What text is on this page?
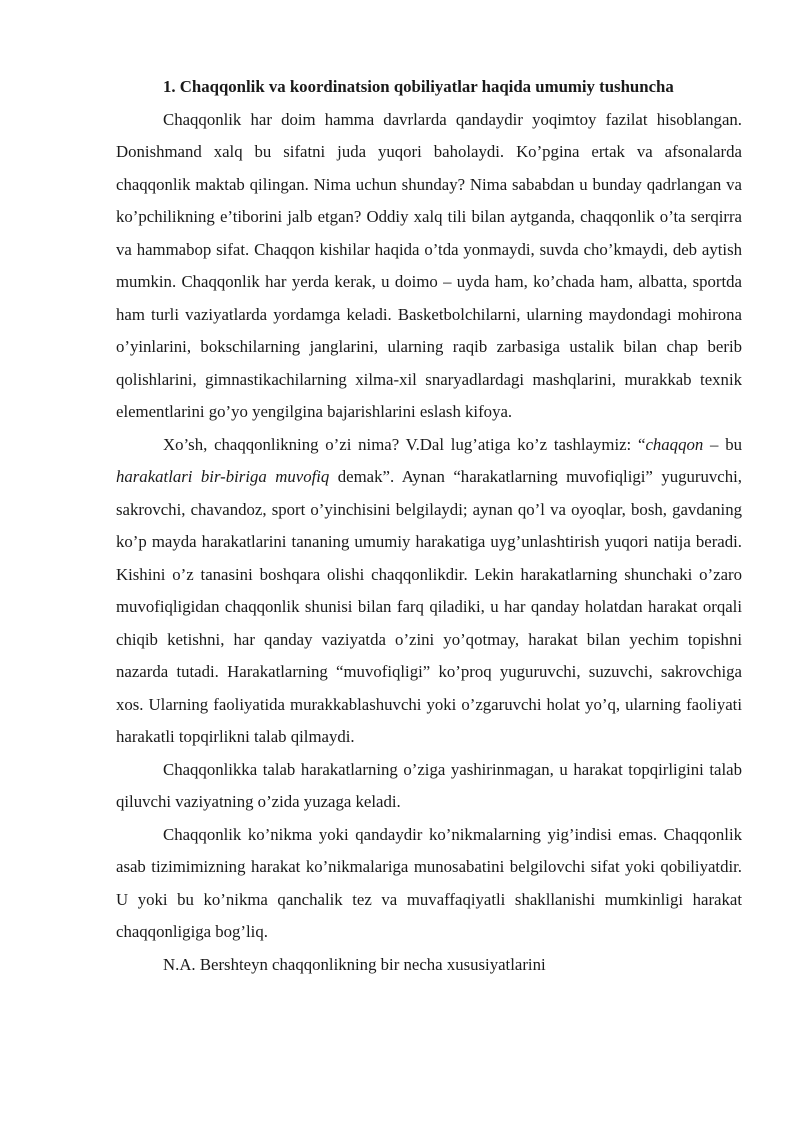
1. Chaqqonlik va koordinatsion qobiliyatlar haqida umumiy tushuncha

Chaqqonlik har doim hamma davrlarda qandaydir yoqimtoy fazilat hisoblangan. Donishmand xalq bu sifatni juda yuqori baholaydi. Ko’pgina ertak va afsonalarda chaqqonlik maktab qilingan. Nima uchun shunday? Nima sababdan u bunday qadrlangan va ko’pchilikning e’tiborini jalb etgan? Oddiy xalq tili bilan aytganda, chaqqonlik o’ta serqirra va hammabop sifat. Chaqqon kishilar haqida o’tda yonmaydi, suvda cho’kmaydi, deb aytish mumkin. Chaqqonlik har yerda kerak, u doimo – uyda ham, ko’chada ham, albatta, sportda ham turli vaziyatlarda yordamga keladi. Basketbolchilarni, ularning maydondagi mohirona o’yinlarini, bokschilarning janglarini, ularning raqib zarbasiga ustalik bilan chap berib qolishlarini, gimnastikachilarning xilma-xil snaryadlardagi mashqlarini, murakkab texnik elementlarini go’yo yengilgina bajarishlarini eslash kifoya.

Xo’sh, chaqqonlikning o’zi nima? V.Dal lug’atiga ko’z tashlaymiz: “chaqqon – bu harakatlari bir-biriga muvofiq demak”. Aynan “harakatlarning muvofiqligi” yuguruvchi, sakrovchi, chavandoz, sport o’yinchisini belgilaydi; aynan qo’l va oyoqlar, bosh, gavdaning ko’p mayda harakatlarini tananing umumiy harakatiga uyg’unlashtirish yuqori natija beradi. Kishini o’z tanasini boshqara olishi chaqqonlikdir. Lekin harakatlarning shunchaki o’zaro muvofiqligidan chaqqonlik shunisi bilan farq qiladiki, u har qanday holatdan harakat orqali chiqib ketishni, har qanday vaziyatda o’zini yo’qotmay, harakat bilan yechim topishni nazarda tutadi. Harakatlarning “muvofiqligi” ko’proq yuguruvchi, suzuvchi, sakrovchiga xos. Ularning faoliyatida murakkablashuvchi yoki o’zgaruvchi holat yo’q, ularning faoliyati harakatli topqirlikni talab qilmaydi.

Chaqqonlikka talab harakatlarning o’ziga yashirinmagan, u harakat topqirligini talab qiluvchi vaziyatning o’zida yuzaga keladi.

Chaqqonlik ko’nikma yoki qandaydir ko’nikmalarning yig’indisi emas. Chaqqonlik asab tizimimizning harakat ko’nikmalariga munosabatini belgilovchi sifat yoki qobiliyatdir. U yoki bu ko’nikma qanchalik tez va muvaffaqiyatli shakllanishi mumkinligi harakat chaqqonligiga bog’liq.

N.A. Bershteyn chaqqonlikning bir necha xususiyatlarini
